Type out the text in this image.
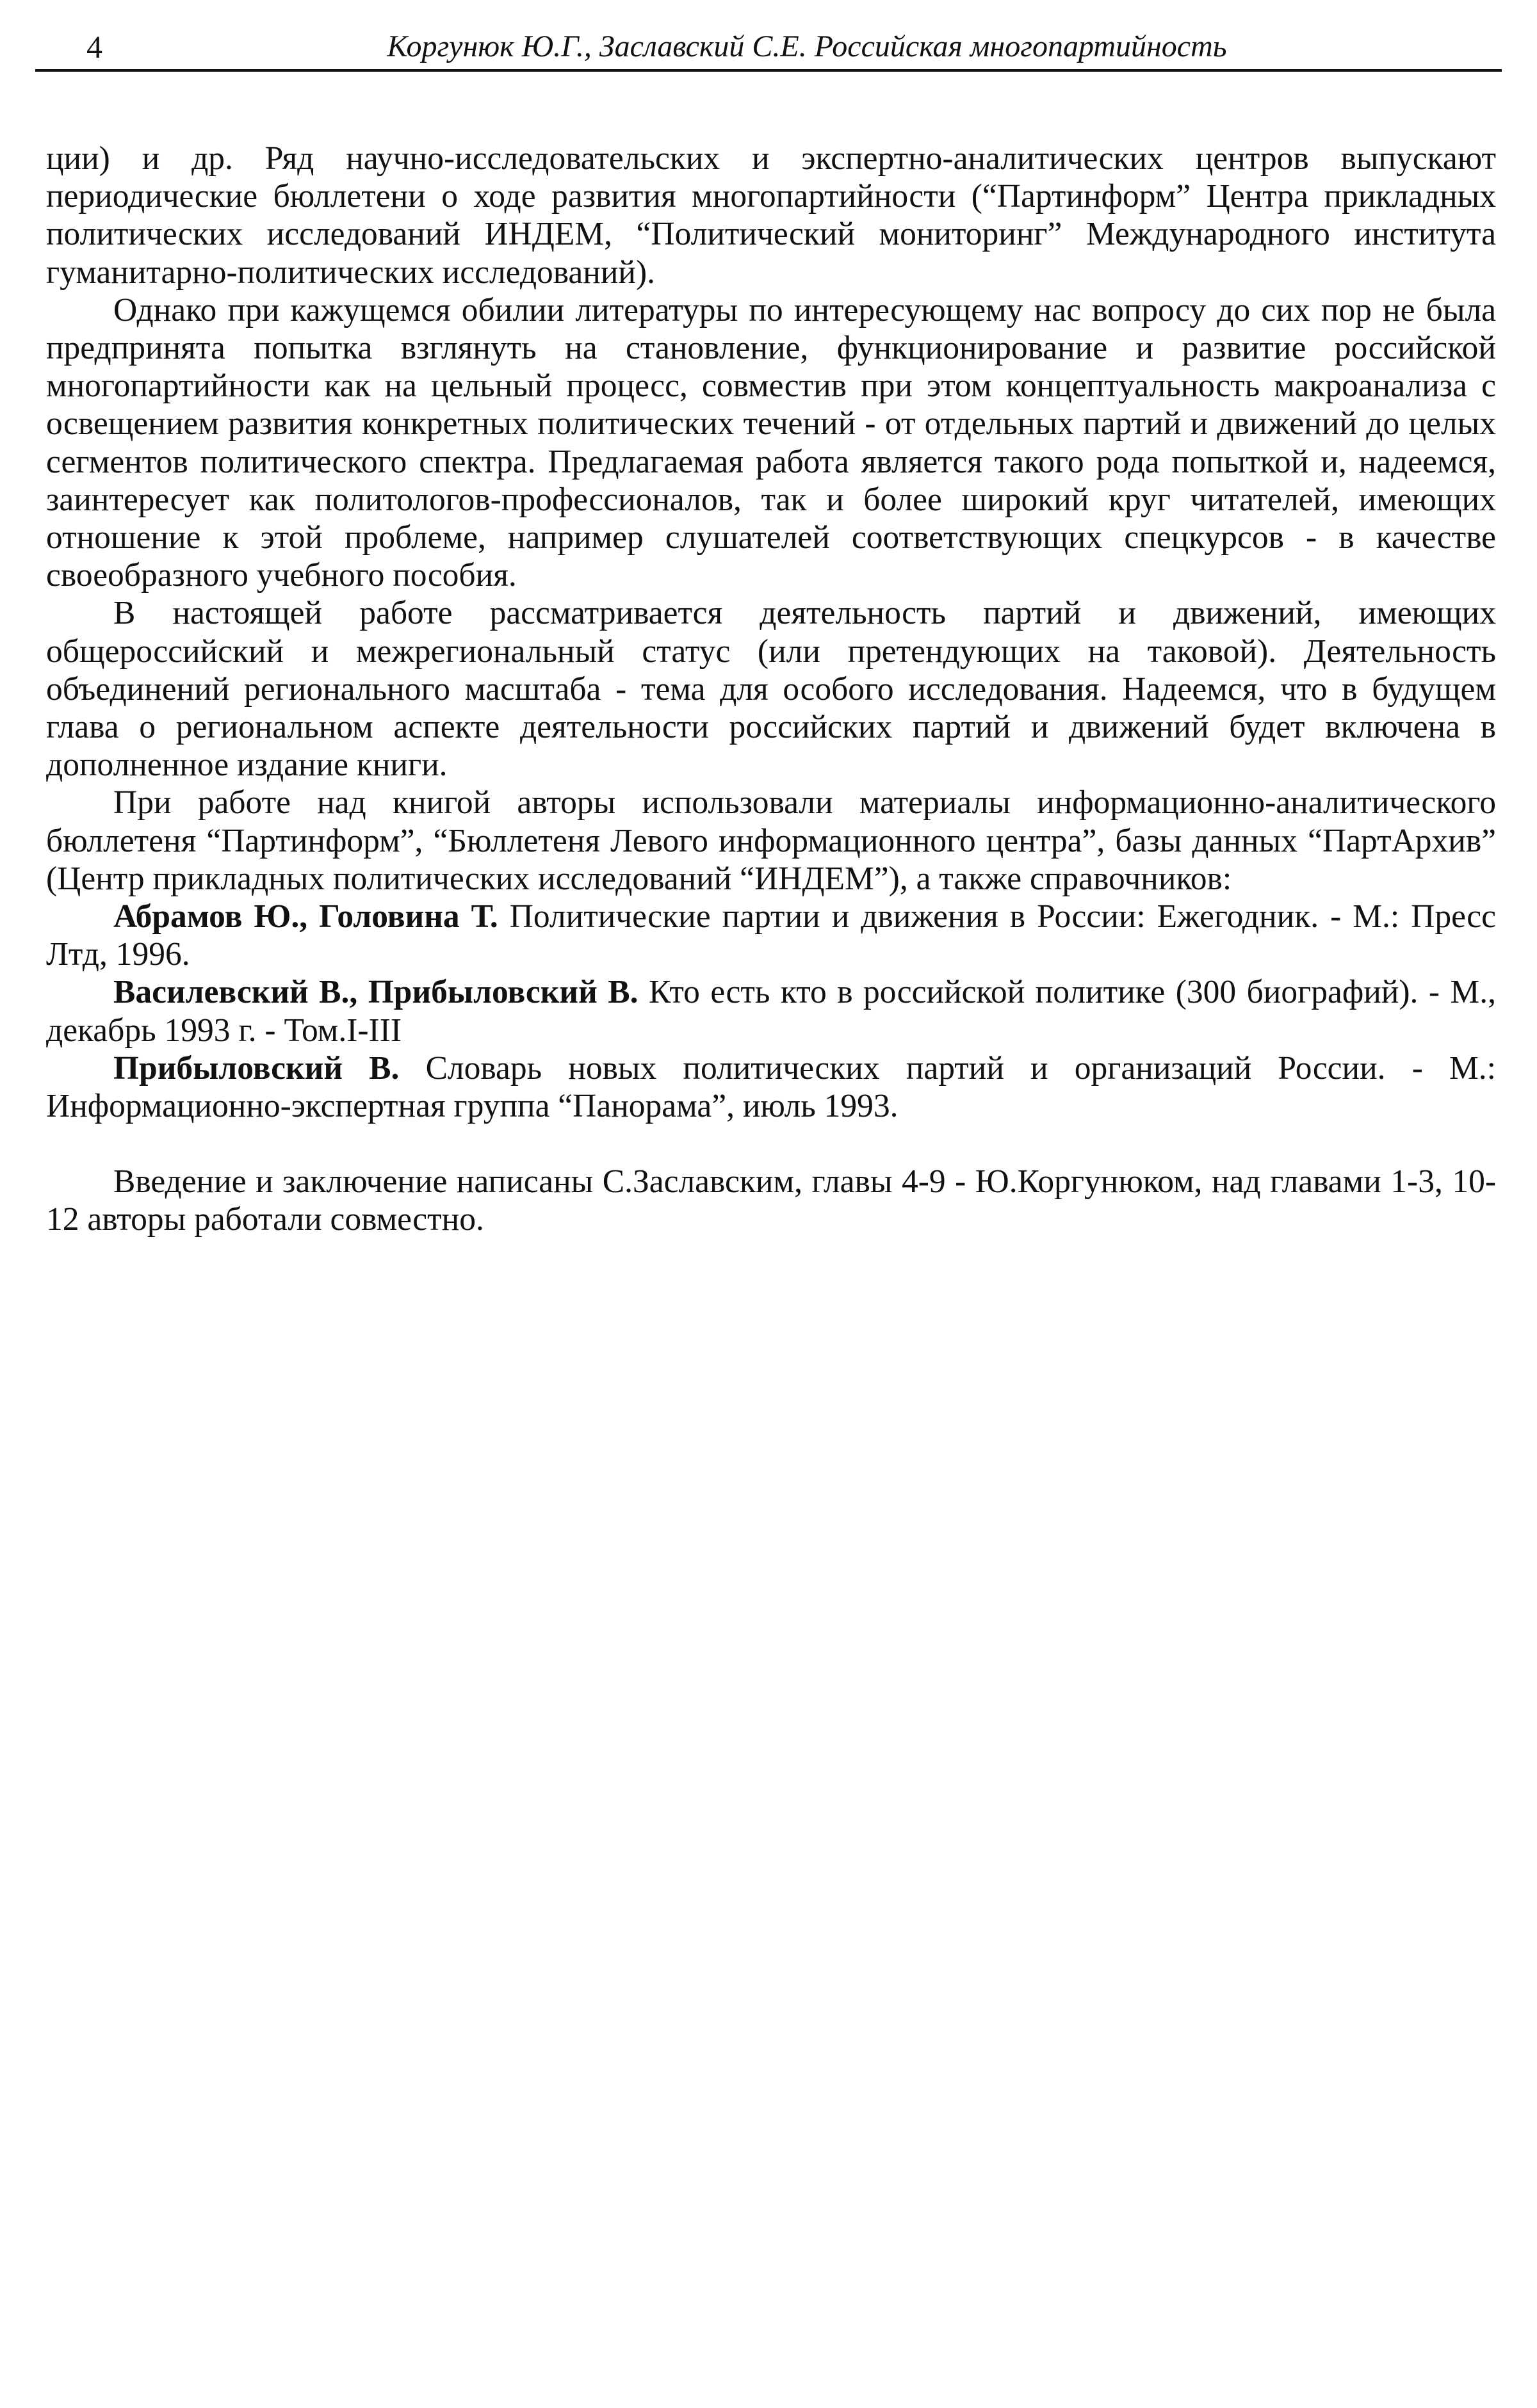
4	Коргунюк Ю.Г., Заславский С.Е. Российская многопартийность

ции) и др. Ряд научно-исследовательских и экспертно-аналитических центров выпускают периодические бюллетени о ходе развития многопартийности (“Партинформ” Центра прикладных политических исследований ИНДЕМ, “Политический мониторинг” Международного института гуманитарно-политических исследований).

Однако при кажущемся обилии литературы по интересующему нас вопросу до сих пор не была предпринята попытка взглянуть на становление, функционирование и развитие российской многопартийности как на цельный процесс, совместив при этом концептуальность макроанализа с освещением развития конкретных политических течений - от отдельных партий и движений до целых сегментов политического спектра. Предлагаемая работа является такого рода попыткой и, надеемся, заинтересует как политологов-профессионалов, так и более широкий круг читателей, имеющих отношение к этой проблеме, например слушателей соответствующих спецкурсов - в качестве своеобразного учебного пособия.

В настоящей работе рассматривается деятельность партий и движений, имеющих общероссийский и межрегиональный статус (или претендующих на таковой). Деятельность объединений регионального масштаба - тема для особого исследования. Надеемся, что в будущем глава о региональном аспекте деятельности российских партий и движений будет включена в дополненное издание книги.

При работе над книгой авторы использовали материалы информационно-аналитического бюллетеня “Партинформ”, “Бюллетеня Левого информационного центра”, базы данных “ПартАрхив” (Центр прикладных политических исследований “ИНДЕМ”), а также справочников:

Абрамов Ю., Головина Т. Политические партии и движения в России: Ежегодник. - М.: Пресс Лтд, 1996.

Василевский В., Прибыловский В. Кто есть кто в российской политике (300 биографий). - М., декабрь 1993 г. - Том.I-III

Прибыловский В. Словарь новых политических партий и организаций России. - М.: Информационно-экспертная группа “Панорама”, июль 1993.

Введение и заключение написаны С.Заславским, главы 4-9 - Ю.Коргунюком, над главами 1-3, 10-12 авторы работали совместно.
